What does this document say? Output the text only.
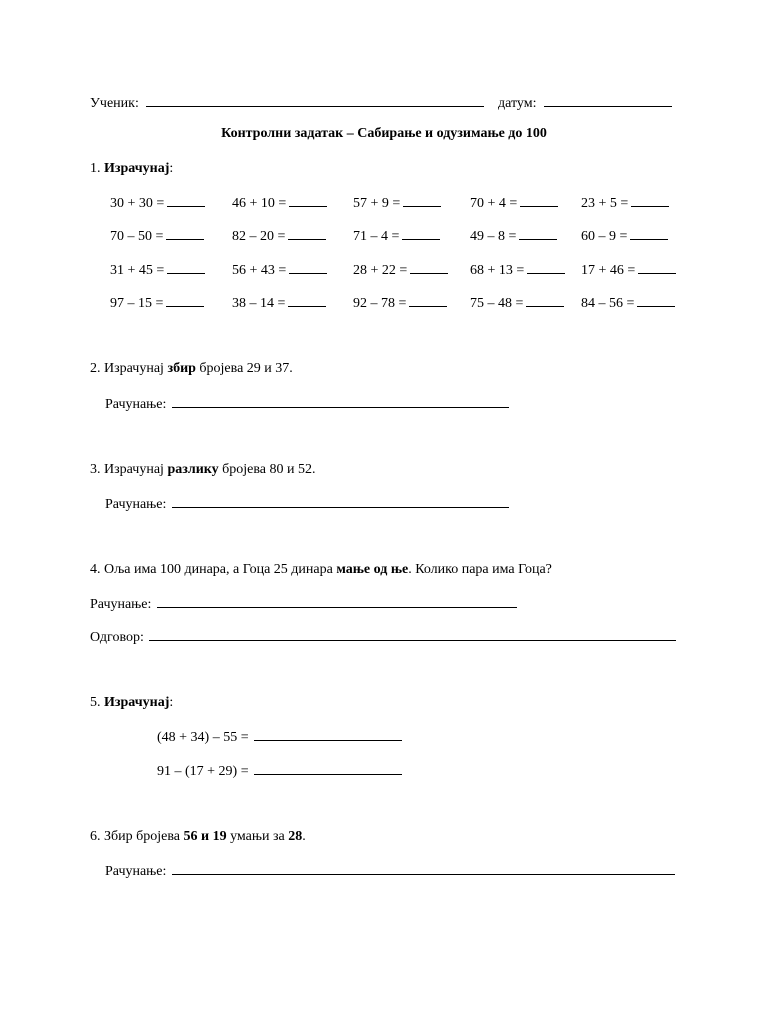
Ученик:	датум:
Контролни задатак – Сабирање и одузимање до 100
1. Израчунај:
30 + 30 =	46 + 10 =	57 + 9 =	70 + 4 =	23 + 5 =
70 – 50 =	82 – 20 =	71 – 4 =	49 – 8 =	60 – 9 =
31 + 45 =	56 + 43 =	28 + 22 =	68 + 13 =	17 + 46 =
97 – 15 =	38 – 14 =	92 – 78 =	75 – 48 =	84 – 56 =
2. Израчунај збир бројева 29 и 37.
Рачунање:
3. Израчунај разлику бројева 80 и 52.
Рачунање:
4. Оља има 100 динара, а Гоца 25 динара мање од ње. Колико пара има Гоца?
Рачунање:
Одговор:
5. Израчунај:
(48 + 34) – 55 =
91 – (17 + 29) =
6. Збир бројева 56 и 19 умањи за 28.
Рачунање:
